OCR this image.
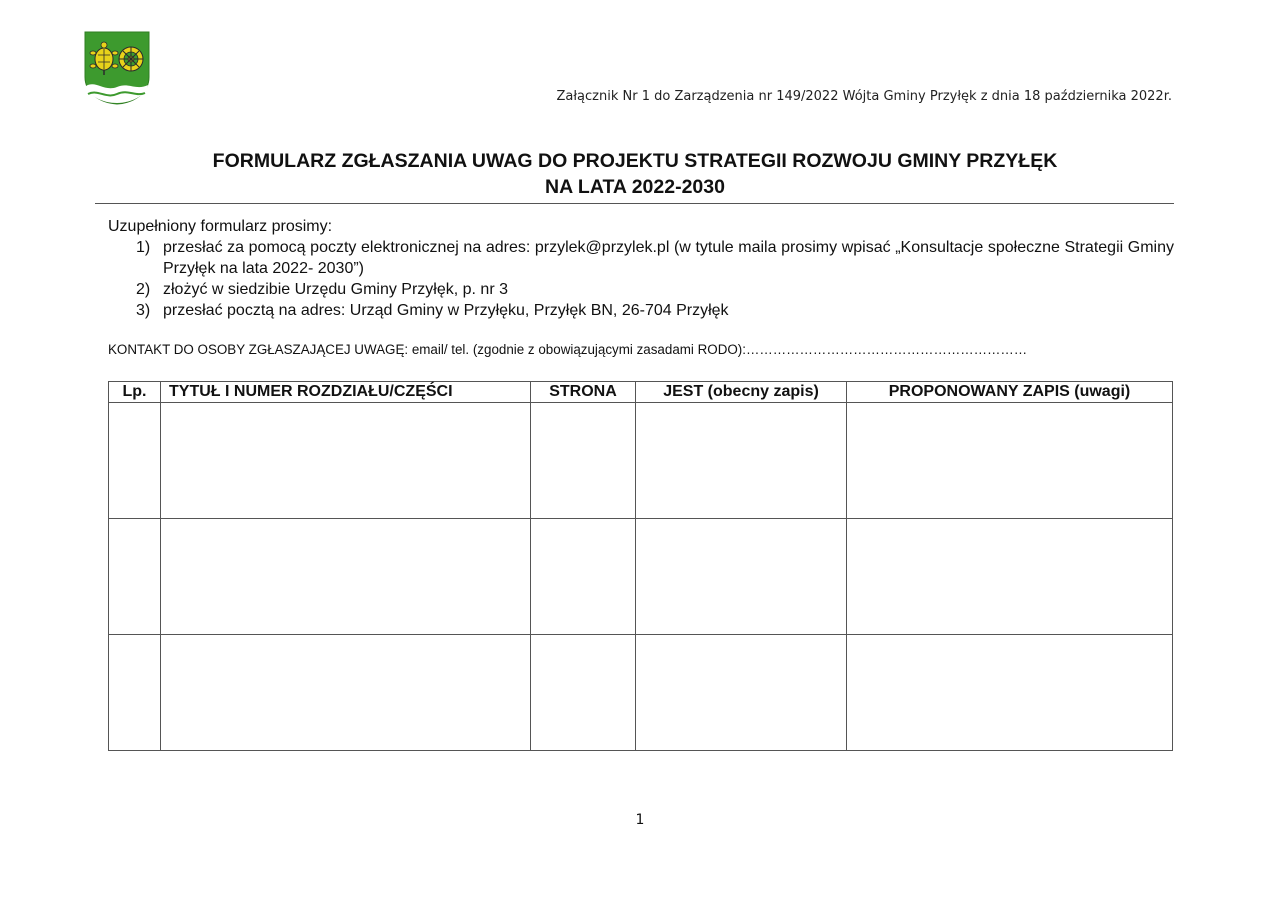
Załącznik Nr 1 do Zarządzenia nr 149/2022 Wójta Gminy Przyłęk z dnia 18 października 2022r.
FORMULARZ ZGŁASZANIA UWAG DO PROJEKTU STRATEGII ROZWOJU GMINY PRZYŁĘK
NA LATA 2022-2030
Uzupełniony formularz prosimy:
1) przesłać za pomocą poczty elektronicznej na adres: przylek@przylek.pl (w tytule maila prosimy wpisać „Konsultacje społeczne Strategii Gminy Przyłęk na lata 2022- 2030”)
2) złożyć w siedzibie Urzędu Gminy Przyłęk, p. nr 3
3) przesłać pocztą na adres: Urząd Gminy w Przyłęku, Przyłęk BN, 26-704 Przyłęk
KONTAKT DO OSOBY ZGŁASZAJĄCEJ UWAGĘ: email/ tel. (zgodnie z obowiązującymi zasadami RODO):………………………………………………………
Lp.	TYTUŁ I NUMER ROZDZIAŁU/CZĘŚCI	STRONA	JEST (obecny zapis)	PROPONOWANY ZAPIS (uwagi)

1
